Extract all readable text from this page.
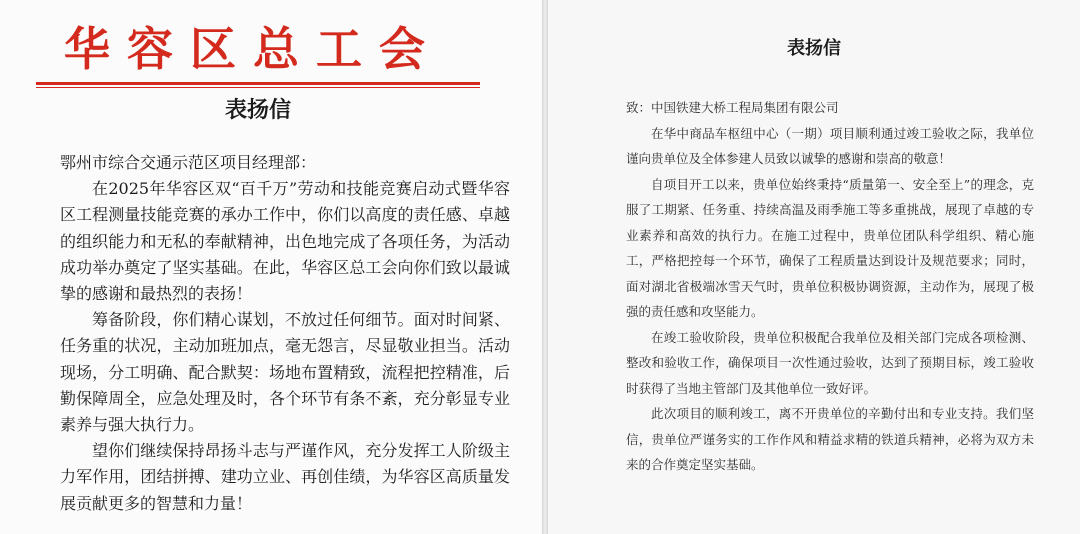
华容区总工会
表扬信

鄂州市综合交通示范区项目经理部：

在2025年华容区双“百千万”劳动和技能竞赛启动式暨华容区工程测量技能竞赛的承办工作中，你们以高度的责任感、卓越的组织能力和无私的奉献精神，出色地完成了各项任务，为活动成功举办奠定了坚实基础。在此，华容区总工会向你们致以最诚挚的感谢和最热烈的表扬！

筹备阶段，你们精心谋划，不放过任何细节。面对时间紧、任务重的状况，主动加班加点，毫无怨言，尽显敬业担当。活动现场，分工明确、配合默契：场地布置精致，流程把控精准，后勤保障周全，应急处理及时，各个环节有条不紊，充分彰显专业素养与强大执行力。

望你们继续保持昂扬斗志与严谨作风，充分发挥工人阶级主力军作用，团结拼搏、建功立业、再创佳绩，为华容区高质量发展贡献更多的智慧和力量！

表扬信

致：中国铁建大桥工程局集团有限公司

在华中商品车枢纽中心（一期）项目顺利通过竣工验收之际，我单位谨向贵单位及全体参建人员致以诚挚的感谢和崇高的敬意！

自项目开工以来，贵单位始终秉持“质量第一、安全至上”的理念，克服了工期紧、任务重、持续高温及雨季施工等多重挑战，展现了卓越的专业素养和高效的执行力。在施工过程中，贵单位团队科学组织、精心施工，严格把控每一个环节，确保了工程质量达到设计及规范要求；同时，面对湖北省极端冰雪天气时，贵单位积极协调资源，主动作为，展现了极强的责任感和攻坚能力。

在竣工验收阶段，贵单位积极配合我单位及相关部门完成各项检测、整改和验收工作，确保项目一次性通过验收，达到了预期目标，竣工验收时获得了当地主管部门及其他单位一致好评。

此次项目的顺利竣工，离不开贵单位的辛勤付出和专业支持。我们坚信，贵单位严谨务实的工作作风和精益求精的铁道兵精神，必将为双方未来的合作奠定坚实基础。
